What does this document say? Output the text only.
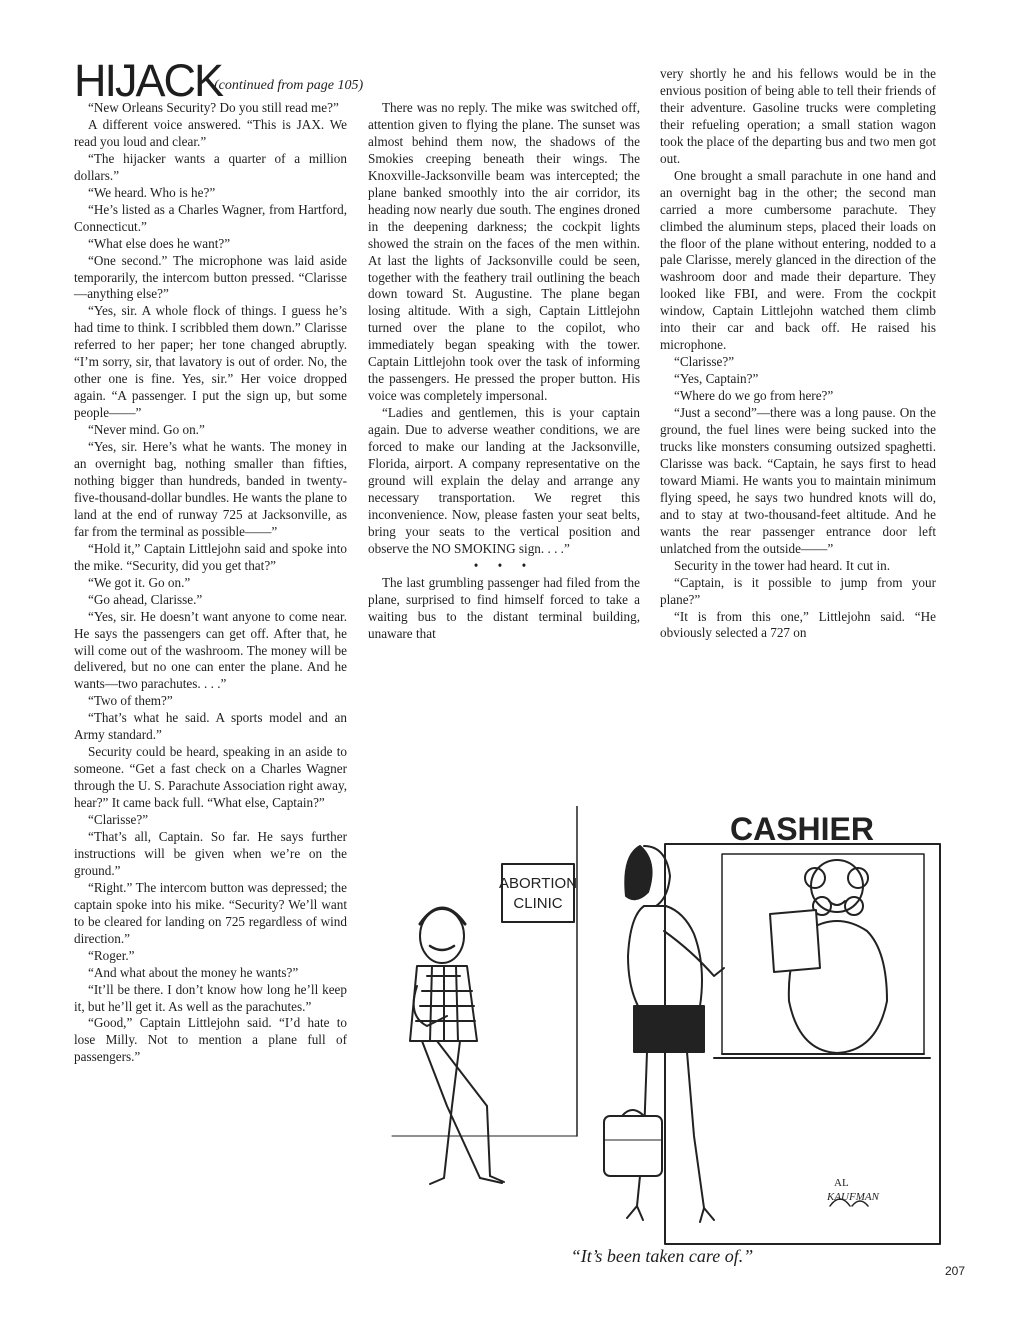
HIJACK
(continued from page 105)

“New Orleans Security? Do you still read me?”

A different voice answered. “This is JAX. We read you loud and clear.”

“The hijacker wants a quarter of a million dollars.”

“We heard. Who is he?”

“He’s listed as a Charles Wagner, from Hartford, Connecticut.”

“What else does he want?”

“One second.” The microphone was laid aside temporarily, the intercom button pressed. “Clarisse—anything else?”

“Yes, sir. A whole flock of things. I guess he’s had time to think. I scribbled them down.” Clarisse referred to her paper; her tone changed abruptly. “I’m sorry, sir, that lavatory is out of order. No, the other one is fine. Yes, sir.” Her voice dropped again. “A passenger. I put the sign up, but some people——”

“Never mind. Go on.”

“Yes, sir. Here’s what he wants. The money in an overnight bag, nothing smaller than fifties, nothing bigger than hundreds, banded in twenty-five-thousand-dollar bundles. He wants the plane to land at the end of runway 725 at Jacksonville, as far from the terminal as possible——”

“Hold it,” Captain Littlejohn said and spoke into the mike. “Security, did you get that?”

“We got it. Go on.”

“Go ahead, Clarisse.”

“Yes, sir. He doesn’t want anyone to come near. He says the passengers can get off. After that, he will come out of the washroom. The money will be delivered, but no one can enter the plane. And he wants—two parachutes. . . .”

“Two of them?”

“That’s what he said. A sports model and an Army standard.”

Security could be heard, speaking in an aside to someone. “Get a fast check on a Charles Wagner through the U. S. Parachute Association right away, hear?” It came back full. “What else, Captain?”

“Clarisse?”

“That’s all, Captain. So far. He says further instructions will be given when we’re on the ground.”

“Right.” The intercom button was depressed; the captain spoke into his mike. “Security? We’ll want to be cleared for landing on 725 regardless of wind direction.”

“Roger.”

“And what about the money he wants?”

“It’ll be there. I don’t know how long he’ll keep it, but he’ll get it. As well as the parachutes.”

“Good,” Captain Littlejohn said. “I’d hate to lose Milly. Not to mention a plane full of passengers.”

There was no reply. The mike was switched off, attention given to flying the plane. The sunset was almost behind them now, the shadows of the Smokies creeping beneath their wings. The Knoxville-Jacksonville beam was intercepted; the plane banked smoothly into the air corridor, its heading now nearly due south. The engines droned in the deepening darkness; the cockpit lights showed the strain on the faces of the men within. At last the lights of Jacksonville could be seen, together with the feathery trail outlining the beach down toward St. Augustine. The plane began losing altitude. With a sigh, Captain Littlejohn turned over the plane to the copilot, who immediately began speaking with the tower. Captain Littlejohn took over the task of informing the passengers. He pressed the proper button. His voice was completely impersonal.

“Ladies and gentlemen, this is your captain again. Due to adverse weather conditions, we are forced to make our landing at the Jacksonville, Florida, airport. A company representative on the ground will explain the delay and arrange any necessary transportation. We regret this inconvenience. Now, please fasten your seat belts, bring your seats to the vertical position and observe the NO SMOKING sign. . . .”

• • •

The last grumbling passenger had filed from the plane, surprised to find himself forced to take a waiting bus to the distant terminal building, unaware that

very shortly he and his fellows would be in the envious position of being able to tell their friends of their adventure. Gasoline trucks were completing their refueling operation; a small station wagon took the place of the departing bus and two men got out.

One brought a small parachute in one hand and an overnight bag in the other; the second man carried a more cumbersome parachute. They climbed the aluminum steps, placed their loads on the floor of the plane without entering, nodded to a pale Clarisse, merely glanced in the direction of the washroom door and made their departure. They looked like FBI, and were. From the cockpit window, Captain Littlejohn watched them climb into their car and back off. He raised his microphone.

“Clarisse?”

“Yes, Captain?”

“Where do we go from here?”

“Just a second”—there was a long pause. On the ground, the fuel lines were being sucked into the trucks like monsters consuming outsized spaghetti. Clarisse was back. “Captain, he says first to head toward Miami. He wants you to maintain minimum flying speed, he says two hundred knots will do, and to stay at two-thousand-feet altitude. And he wants the rear passenger entrance door left unlatched from the outside——”

Security in the tower had heard. It cut in.

“Captain, is it possible to jump from your plane?”

“It is from this one,” Littlejohn said. “He obviously selected a 727 on

ABORTION
CLINIC
CASHIER
AL
KAUFMAN
“It’s been taken care of.”
207
